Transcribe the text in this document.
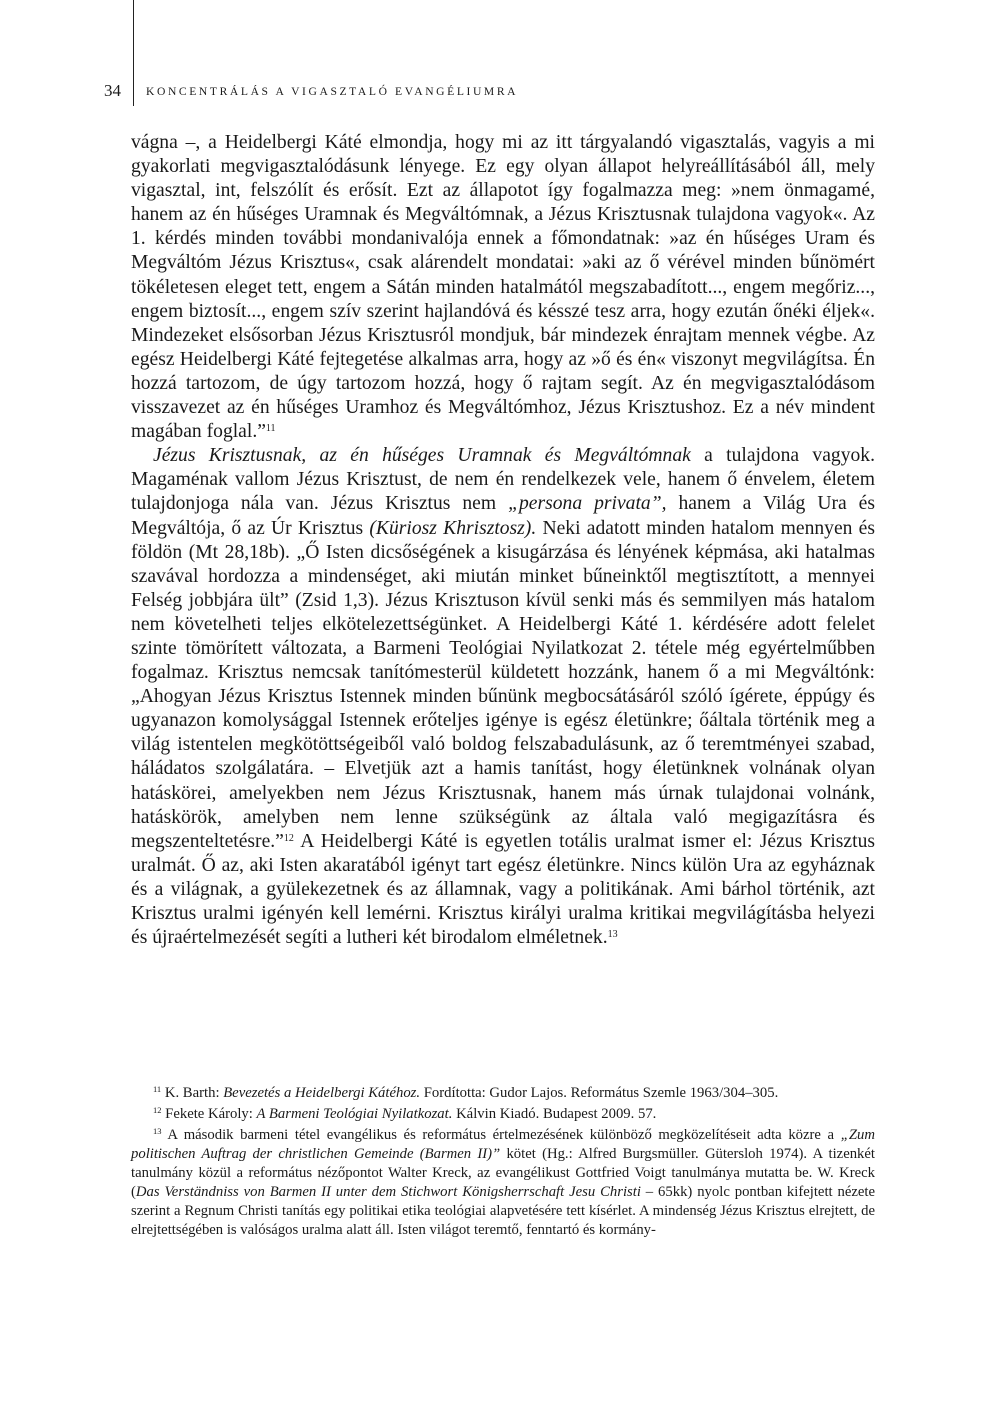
34 KONCENTRÁLÁS A VIGASZTALÓ EVANGÉLIUMRA

vágna –, a Heidelbergi Káté elmondja, hogy mi az itt tárgyalandó vigasztalás, vagyis a mi gyakorlati megvigasztalódásunk lényege. Ez egy olyan állapot helyreállításából áll, mely vigasztal, int, felszólít és erősít. Ezt az állapotot így fogalmazza meg: »nem önmagamé, hanem az én hűséges Uramnak és Megváltómnak, a Jézus Krisztusnak tulajdona vagyok«. Az 1. kérdés minden további mondanivalója ennek a főmondatnak: »az én hűséges Uram és Megváltóm Jézus Krisztus«, csak alárendelt mondatai: »aki az ő vérével minden bűnömért tökéletesen eleget tett, engem a Sátán minden hatalmától megszabadított..., engem megőriz..., engem biztosít..., engem szív szerint hajlandóvá és késszé tesz arra, hogy ezután őnéki éljek«. Mindezeket elsősorban Jézus Krisztusról mondjuk, bár mindezek énrajtam mennek végbe. Az egész Heidelbergi Káté fejtegetése alkalmas arra, hogy az »ő és én« viszonyt megvilágítsa. Én hozzá tartozom, de úgy tartozom hozzá, hogy ő rajtam segít. Az én megvigasztalódásom visszavezet az én hűséges Uramhoz és Megváltómhoz, Jézus Krisztushoz. Ez a név mindent magában foglal.”$^{11}$

Jézus Krisztusnak, az én hűséges Uramnak és Megváltómnak a tulajdona vagyok. Magaménak vallom Jézus Krisztust, de nem én rendelkezek vele, hanem ő énvelem, életem tulajdonjoga nála van. Jézus Krisztus nem „persona privata”, hanem a Világ Ura és Megváltója, ő az Úr Krisztus (Küriosz Khrisztosz). Neki adatott minden hatalom mennyen és földön (Mt 28,18b). „Ő Isten dicsőségének a kisugárzása és lényének képmása, aki hatalmas szavával hordozza a mindenséget, aki miután minket bűneinktől megtisztított, a mennyei Felség jobbjára ült” (Zsid 1,3). Jézus Krisztuson kívül senki más és semmilyen más hatalom nem követelheti teljes elkötelezettségünket. A Heidelbergi Káté 1. kérdésére adott felelet szinte tömörített változata, a Barmeni Teológiai Nyilatkozat 2. tétele még egyértelműbben fogalmaz. Krisztus nemcsak tanítómesterül küldetett hozzánk, hanem ő a mi Megváltónk: „Ahogyan Jézus Krisztus Istennek minden bűnünk megbocsátásáról szóló ígérete, éppúgy és ugyanazon komolysággal Istennek erőteljes igénye is egész életünkre; őáltala történik meg a világ istentelen megkötöttségeiből való boldog felszabadulásunk, az ő teremtményei szabad, háládatos szolgálatára. – Elvetjük azt a hamis tanítást, hogy életünknek volnának olyan hatáskörei, amelyekben nem Jézus Krisztusnak, hanem más úrnak tulajdonai volnánk, hatáskörök, amelyben nem lenne szükségünk az általa való megigazításra és megszenteltetésre.”$^{12}$ A Heidelbergi Káté is egyetlen totális uralmat ismer el: Jézus Krisztus uralmát. Ő az, aki Isten akaratából igényt tart egész életünkre. Nincs külön Ura az egyháznak és a világnak, a gyülekezetnek és az államnak, vagy a politikának. Ami bárhol történik, azt Krisztus uralmi igényén kell lemérni. Krisztus királyi uralma kritikai megvilágításba helyezi és újraértelmezését segíti a lutheri két birodalom elméletnek.$^{13}$

$^{11}$ K. Barth: Bevezetés a Heidelbergi Kátéhoz. Fordította: Gudor Lajos. Református Szemle 1963/304–305.

$^{12}$ Fekete Károly: A Barmeni Teológiai Nyilatkozat. Kálvin Kiadó. Budapest 2009. 57.

$^{13}$ A második barmeni tétel evangélikus és református értelmezésének különböző megközelítéseit adta közre a „Zum politischen Auftrag der christlichen Gemeinde (Barmen II)” kötet (Hg.: Alfred Burgsmüller. Gütersloh 1974). A tizenkét tanulmány közül a református nézőpontot Walter Kreck, az evangélikust Gottfried Voigt tanulmánya mutatta be. W. Kreck (Das Verständniss von Barmen II unter dem Stichwort Königsherrschaft Jesu Christi – 65kk) nyolc pontban kifejtett nézete szerint a Regnum Christi tanítás egy politikai etika teológiai alapvetésére tett kísérlet. A mindenség Jézus Krisztus elrejtett, de elrejtettségében is valóságos uralma alatt áll. Isten világot teremtő, fenntartó és kormány-
